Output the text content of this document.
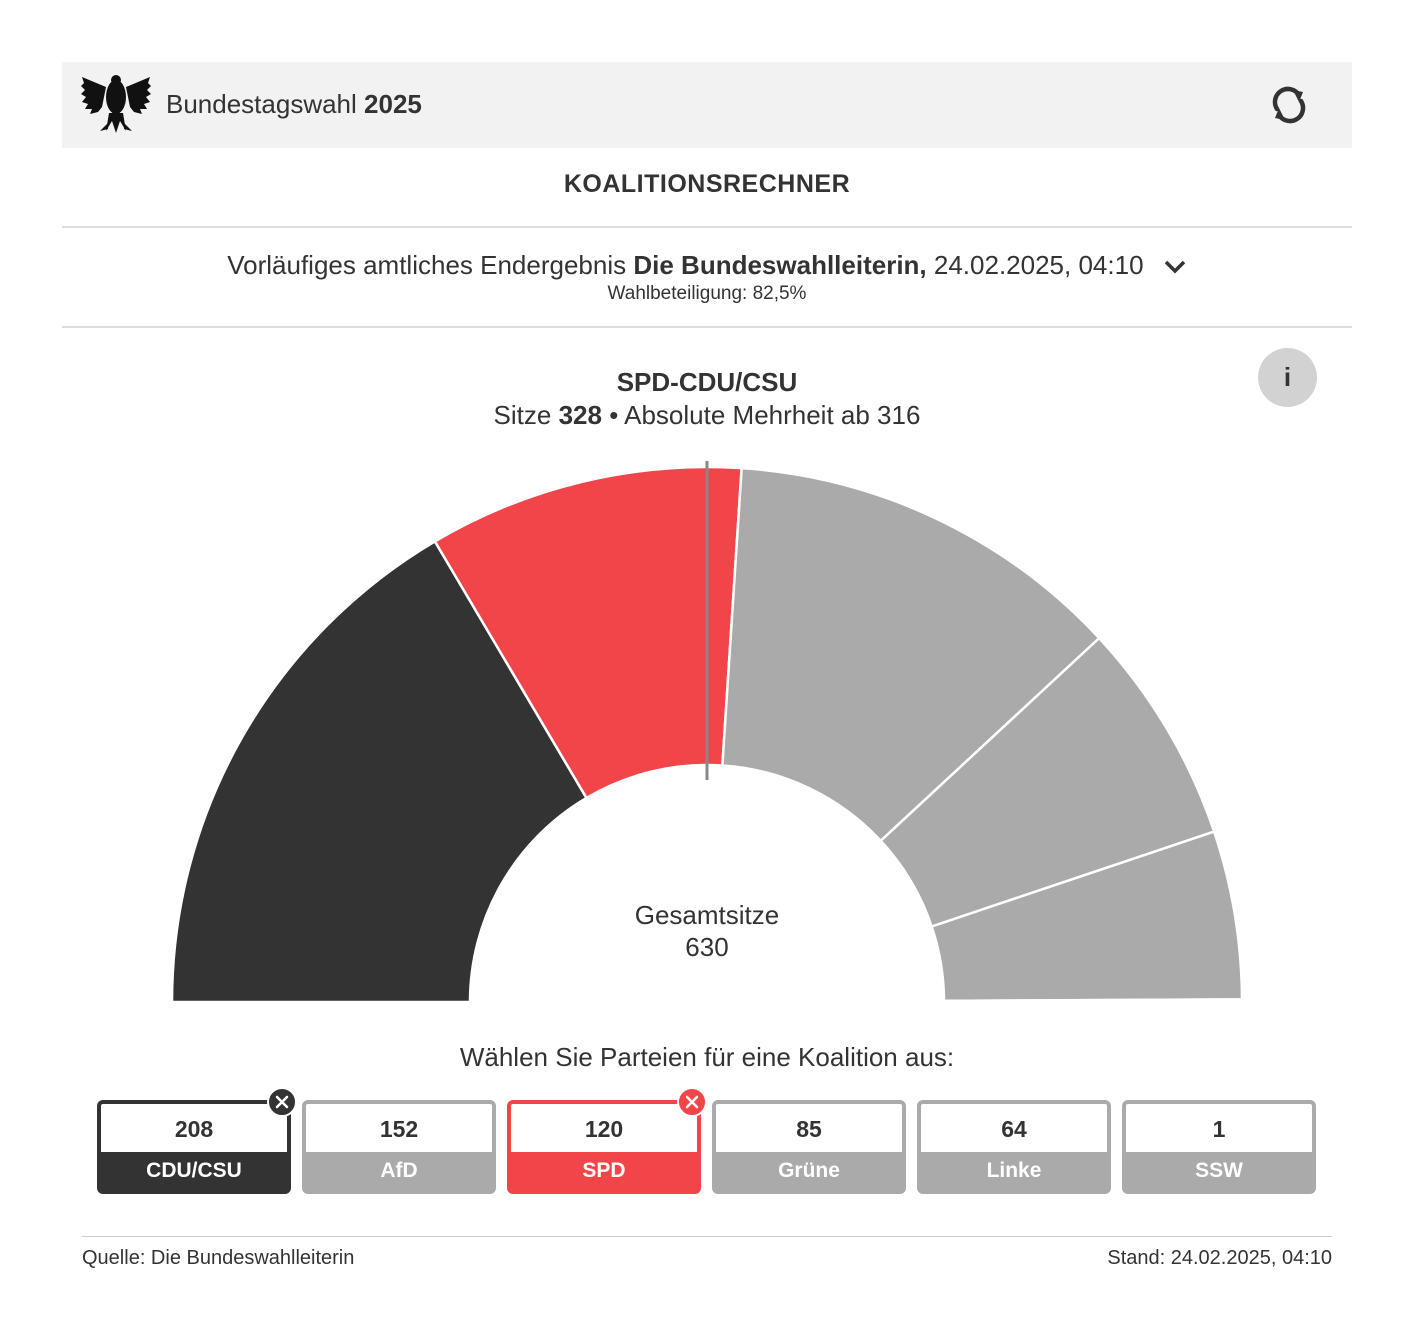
Bundestagswahl 2025
KOALITIONSRECHNER
Vorläufiges amtliches Endergebnis Die Bundeswahlleiterin, 24.02.2025, 04:10
Wahlbeteiligung: 82,5%
i
SPD-CDU/CSU
Sitze 328 • Absolute Mehrheit ab 316
Gesamtsitze
630
Wählen Sie Parteien für eine Koalition aus:
208
CDU/CSU
152
AfD
120
SPD
85
Grüne
64
Linke
1
SSW
Quelle: Die Bundeswahlleiterin	Stand: 24.02.2025, 04:10
